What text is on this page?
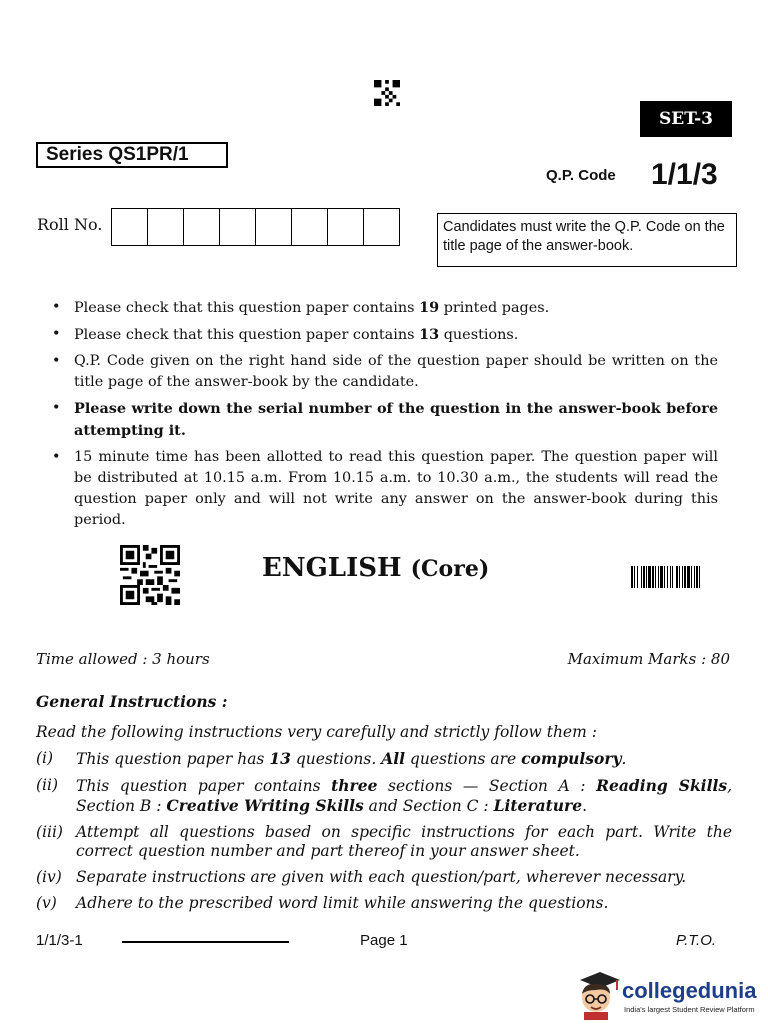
SET-3
Series QS1PR/1
Q.P. Code 1/1/3
Roll No.	Candidates must write the Q.P. Code on the title page of the answer-book.
• Please check that this question paper contains 19 printed pages.
• Please check that this question paper contains 13 questions.
• Q.P. Code given on the right hand side of the question paper should be written on the title page of the answer-book by the candidate.
• Please write down the serial number of the question in the answer-book before attempting it.
• 15 minute time has been allotted to read this question paper. The question paper will be distributed at 10.15 a.m. From 10.15 a.m. to 10.30 a.m., the students will read the question paper only and will not write any answer on the answer-book during this period.
ENGLISH (Core)
Time allowed : 3 hours	Maximum Marks : 80
General Instructions :
Read the following instructions very carefully and strictly follow them :
(i)	This question paper has 13 questions. All questions are compulsory.
(ii)	This question paper contains three sections — Section A : Reading Skills, Section B : Creative Writing Skills and Section C : Literature.
(iii) Attempt all questions based on specific instructions for each part. Write the correct question number and part thereof in your answer sheet.
(iv) Separate instructions are given with each question/part, wherever necessary.
(v)	Adhere to the prescribed word limit while answering the questions.
1/1/3-1	Page 1	P.T.O.
collegedunia
India's largest Student Review Platform
